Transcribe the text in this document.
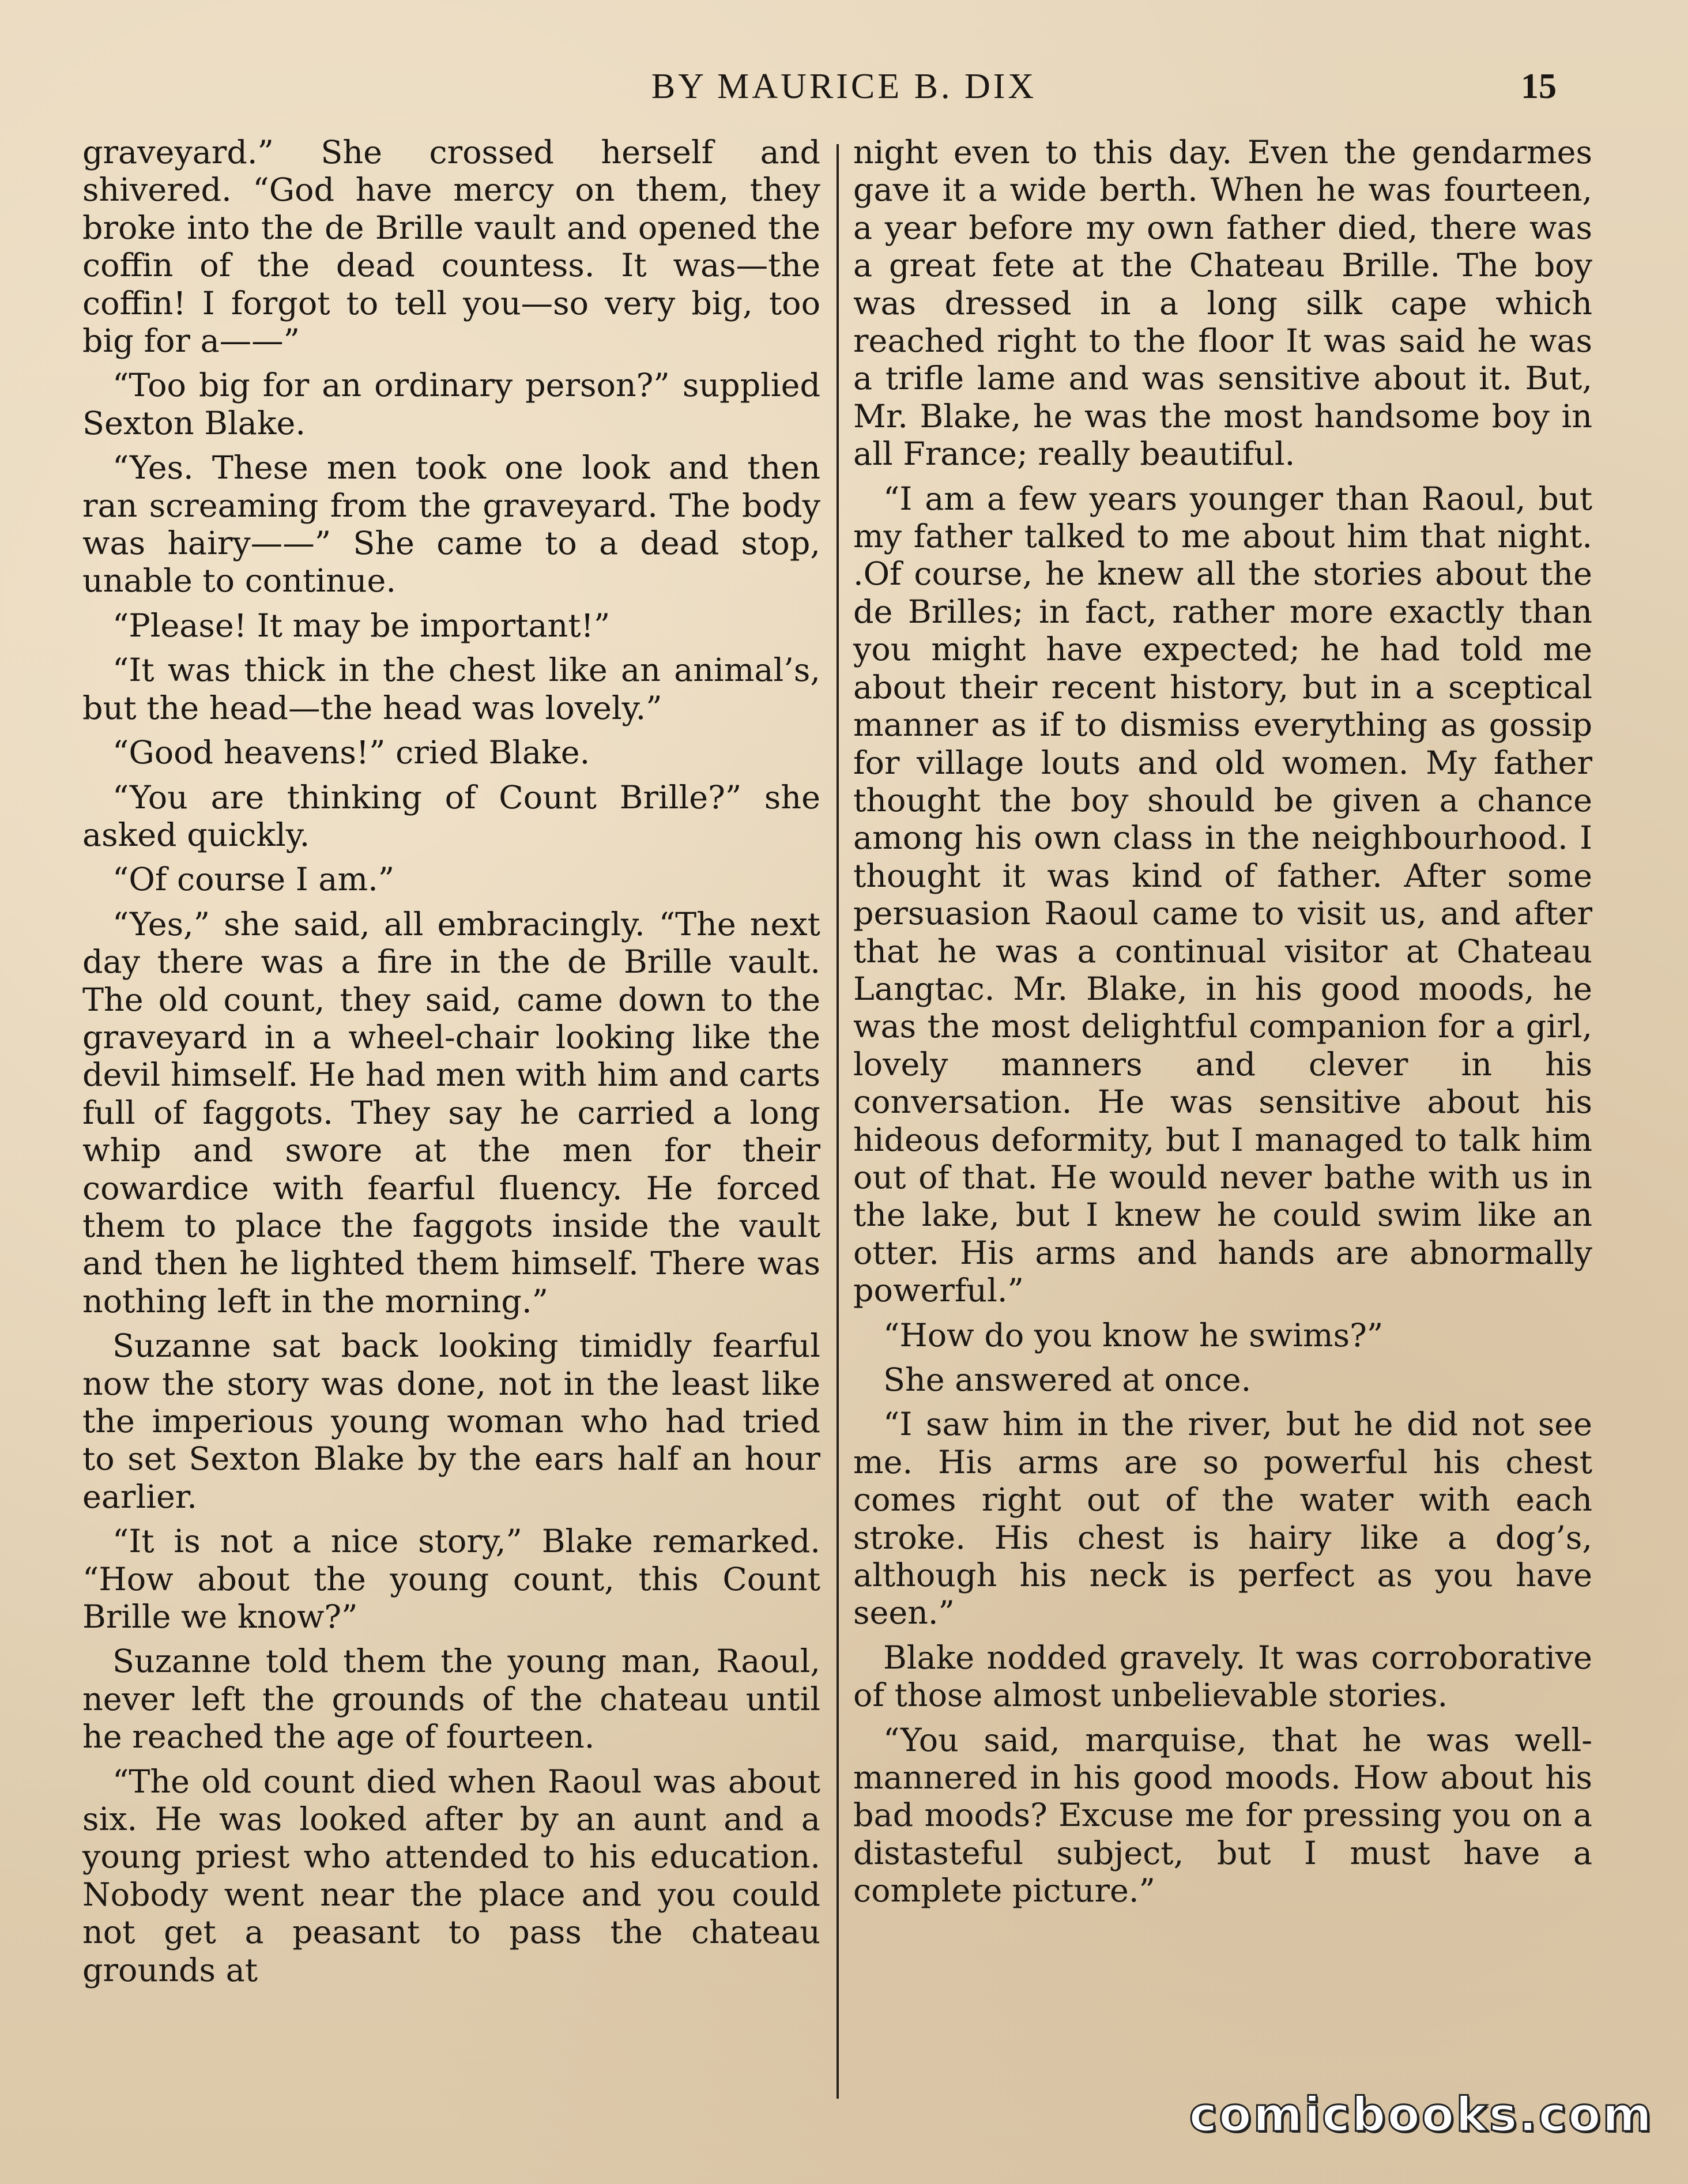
BY MAURICE B. DIX	15

graveyard.” She crossed herself and shivered. “God have mercy on them, they broke into the de Brille vault and opened the coffin of the dead countess. It was—the coffin! I forgot to tell you—so very big, too big for a——”

“Too big for an ordinary person?” supplied Sexton Blake.

“Yes. These men took one look and then ran screaming from the graveyard. The body was hairy——” She came to a dead stop, unable to continue.

“Please! It may be important!”

“It was thick in the chest like an animal’s, but the head—the head was lovely.”

“Good heavens!” cried Blake.

“You are thinking of Count Brille?” she asked quickly.

“Of course I am.”

“Yes,” she said, all embracingly. “The next day there was a fire in the de Brille vault. The old count, they said, came down to the graveyard in a wheel-chair looking like the devil himself. He had men with him and carts full of faggots. They say he carried a long whip and swore at the men for their cowardice with fearful fluency. He forced them to place the faggots inside the vault and then he lighted them himself. There was nothing left in the morning.”

Suzanne sat back looking timidly fearful now the story was done, not in the least like the imperious young woman who had tried to set Sexton Blake by the ears half an hour earlier.

“It is not a nice story,” Blake remarked. “How about the young count, this Count Brille we know?”

Suzanne told them the young man, Raoul, never left the grounds of the chateau until he reached the age of fourteen.

“The old count died when Raoul was about six. He was looked after by an aunt and a young priest who attended to his education. Nobody went near the place and you could not get a peasant to pass the chateau grounds at

night even to this day. Even the gendarmes gave it a wide berth. When he was fourteen, a year before my own father died, there was a great fete at the Chateau Brille. The boy was dressed in a long silk cape which reached right to the floor It was said he was a trifle lame and was sensitive about it. But, Mr. Blake, he was the most handsome boy in all France; really beautiful.

“I am a few years younger than Raoul, but my father talked to me about him that night. .Of course, he knew all the stories about the de Brilles; in fact, rather more exactly than you might have expected; he had told me about their recent history, but in a sceptical manner as if to dismiss everything as gossip for village louts and old women. My father thought the boy should be given a chance among his own class in the neighbourhood. I thought it was kind of father. After some persuasion Raoul came to visit us, and after that he was a continual visitor at Chateau Langtac. Mr. Blake, in his good moods, he was the most delightful companion for a girl, lovely manners and clever in his conversation. He was sensitive about his hideous deformity, but I managed to talk him out of that. He would never bathe with us in the lake, but I knew he could swim like an otter. His arms and hands are abnormally powerful.”

“How do you know he swims?”

She answered at once.

“I saw him in the river, but he did not see me. His arms are so powerful his chest comes right out of the water with each stroke. His chest is hairy like a dog’s, although his neck is perfect as you have seen.”

Blake nodded gravely. It was corroborative of those almost unbelievable stories.

“You said, marquise, that he was well-mannered in his good moods. How about his bad moods? Excuse me for pressing you on a distasteful subject, but I must have a complete picture.”

comicbooks.com
